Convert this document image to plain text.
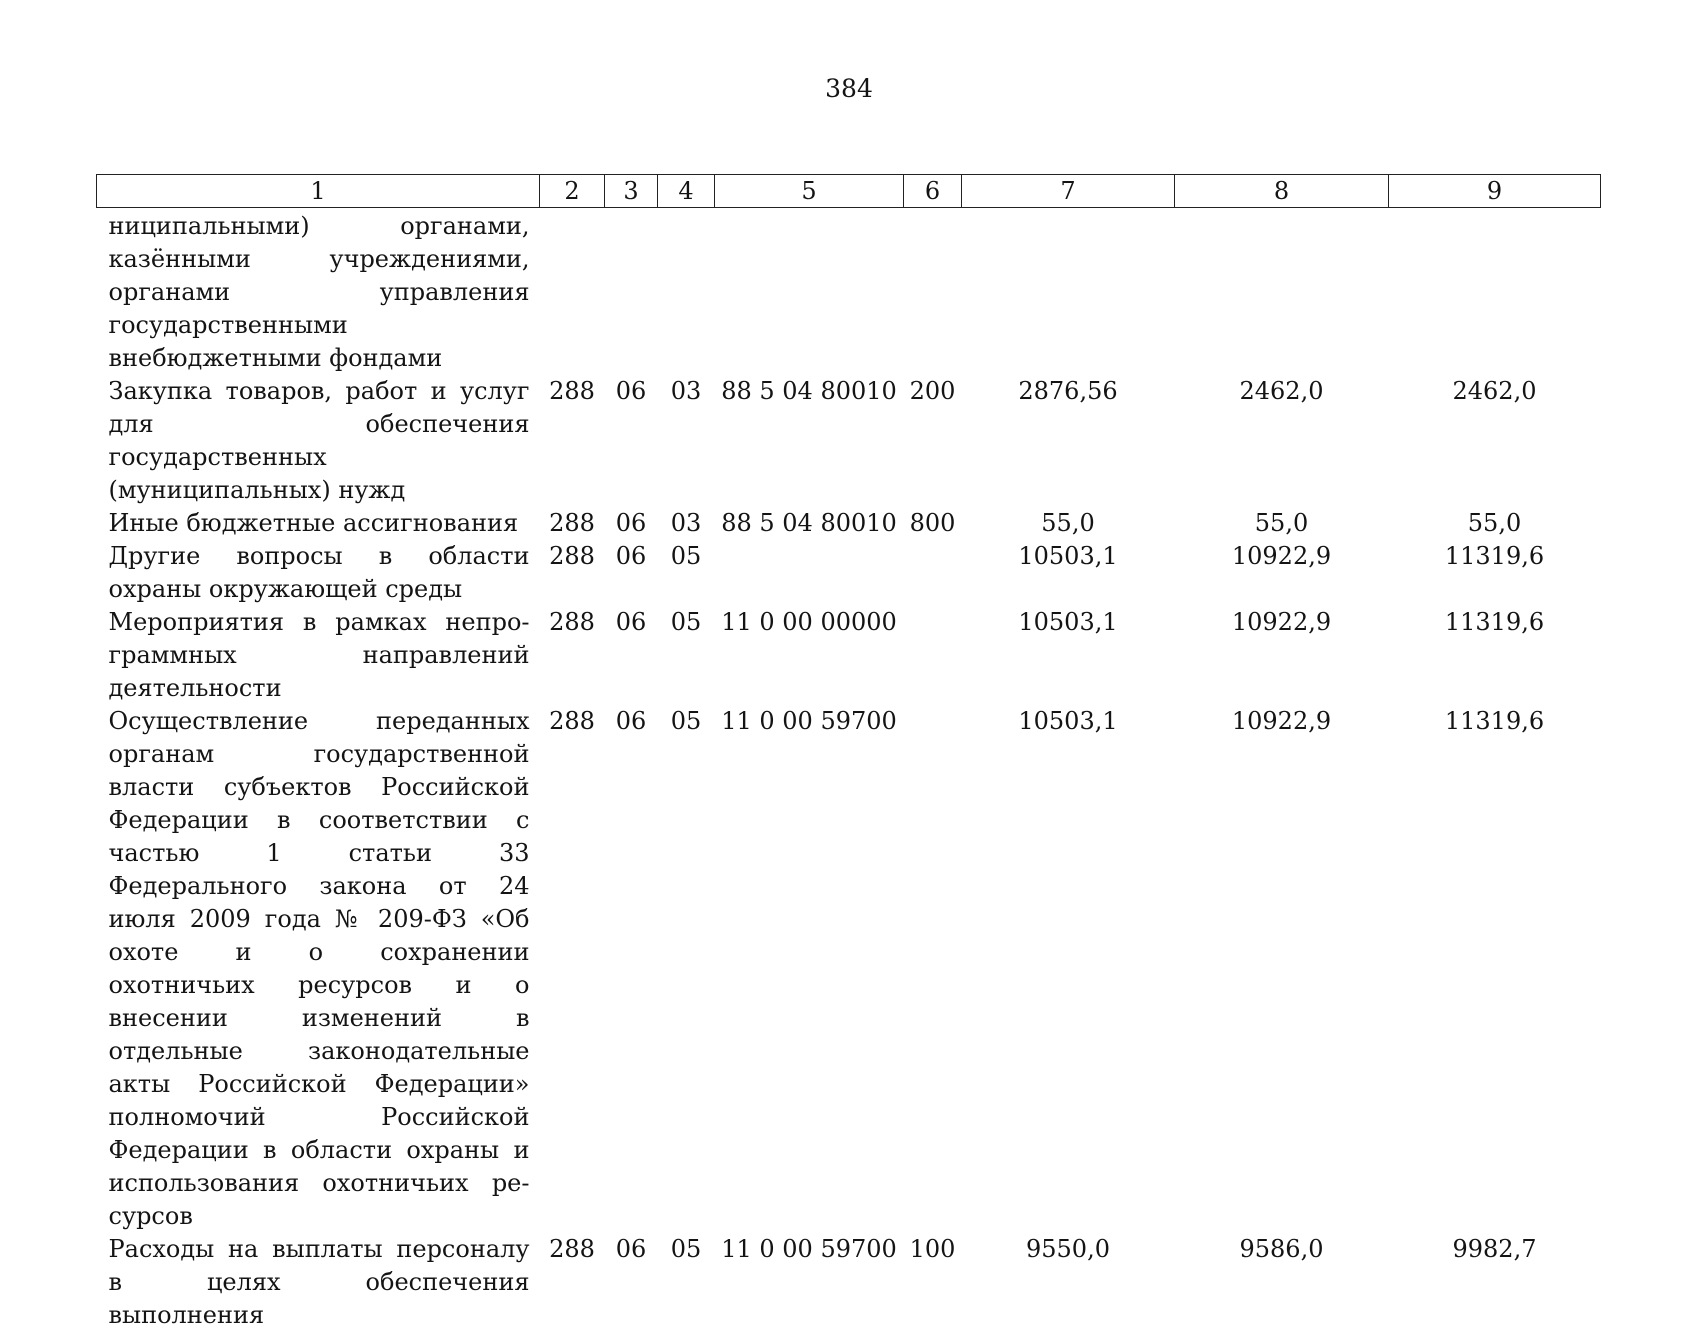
384
1	2	3	4	5	6	7	8	9
ниципальными) органами, казёнными учреждениями, органами управления государственными внебюджетными фондами								
Закупка товаров, работ и услуг для обеспечения государственных (муниципальных) нужд	288	06	03	88 5 04 80010	200	2876,56	2462,0	2462,0
Иные бюджетные ассигнования	288	06	03	88 5 04 80010	800	55,0	55,0	55,0
Другие вопросы в области охраны окружающей среды	288	06	05			10503,1	10922,9	11319,6
Мероприятия в рамках непрограммных направлений деятельности	288	06	05	11 0 00 00000		10503,1	10922,9	11319,6
Осуществление переданных органам государственной власти субъектов Российской Федерации в соответствии с частью 1 статьи 33 Федерального закона от 24 июля 2009 года № 209-ФЗ «Об охоте и о сохранении охотничьих ресурсов и о внесении изменений в отдельные законодательные акты Российской Федерации» полномочий Российской Федерации в области охраны и использования охотничьих ресурсов	288	06	05	11 0 00 59700		10503,1	10922,9	11319,6
Расходы на выплаты персоналу в целях обеспечения выполнения	288	06	05	11 0 00 59700	100	9550,0	9586,0	9982,7
